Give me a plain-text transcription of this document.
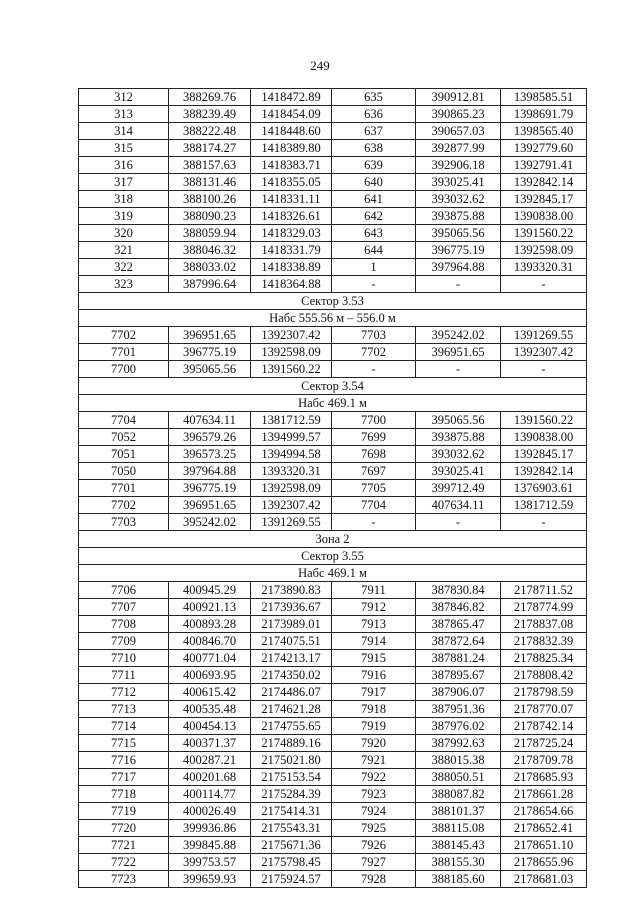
249
312	388269.76	1418472.89	635	390912.81	1398585.51
313	388239.49	1418454.09	636	390865.23	1398691.79
314	388222.48	1418448.60	637	390657.03	1398565.40
315	388174.27	1418389.80	638	392877.99	1392779.60
316	388157.63	1418383.71	639	392906.18	1392791.41
317	388131.46	1418355.05	640	393025.41	1392842.14
318	388100.26	1418331.11	641	393032.62	1392845.17
319	388090.23	1418326.61	642	393875.88	1390838.00
320	388059.94	1418329.03	643	395065.56	1391560.22
321	388046.32	1418331.79	644	396775.19	1392598.09
322	388033.02	1418338.89	1	397964.88	1393320.31
323	387996.64	1418364.88	-	-	-
Сектор 3.53					
Набс 555.56 м – 556.0 м					
7702	396951.65	1392307.42	7703	395242.02	1391269.55
7701	396775.19	1392598.09	7702	396951.65	1392307.42
7700	395065.56	1391560.22	-	-	-
Сектор 3.54					
Набс 469.1 м					
7704	407634.11	1381712.59	7700	395065.56	1391560.22
7052	396579.26	1394999.57	7699	393875.88	1390838.00
7051	396573.25	1394994.58	7698	393032.62	1392845.17
7050	397964.88	1393320.31	7697	393025.41	1392842.14
7701	396775.19	1392598.09	7705	399712.49	1376903.61
7702	396951.65	1392307.42	7704	407634.11	1381712.59
7703	395242.02	1391269.55	-	-	-
Зона 2					
Сектор 3.55					
Набс 469.1 м					
7706	400945.29	2173890.83	7911	387830.84	2178711.52
7707	400921.13	2173936.67	7912	387846.82	2178774.99
7708	400893.28	2173989.01	7913	387865.47	2178837.08
7709	400846.70	2174075.51	7914	387872.64	2178832.39
7710	400771.04	2174213.17	7915	387881.24	2178825.34
7711	400693.95	2174350.02	7916	387895.67	2178808.42
7712	400615.42	2174486.07	7917	387906.07	2178798.59
7713	400535.48	2174621.28	7918	387951.36	2178770.07
7714	400454.13	2174755.65	7919	387976.02	2178742.14
7715	400371.37	2174889.16	7920	387992.63	2178725.24
7716	400287.21	2175021.80	7921	388015.38	2178709.78
7717	400201.68	2175153.54	7922	388050.51	2178685.93
7718	400114.77	2175284.39	7923	388087.82	2178661.28
7719	400026.49	2175414.31	7924	388101.37	2178654.66
7720	399936.86	2175543.31	7925	388115.08	2178652.41
7721	399845.88	2175671.36	7926	388145.43	2178651.10
7722	399753.57	2175798.45	7927	388155.30	2178655.96
7723	399659.93	2175924.57	7928	388185.60	2178681.03
